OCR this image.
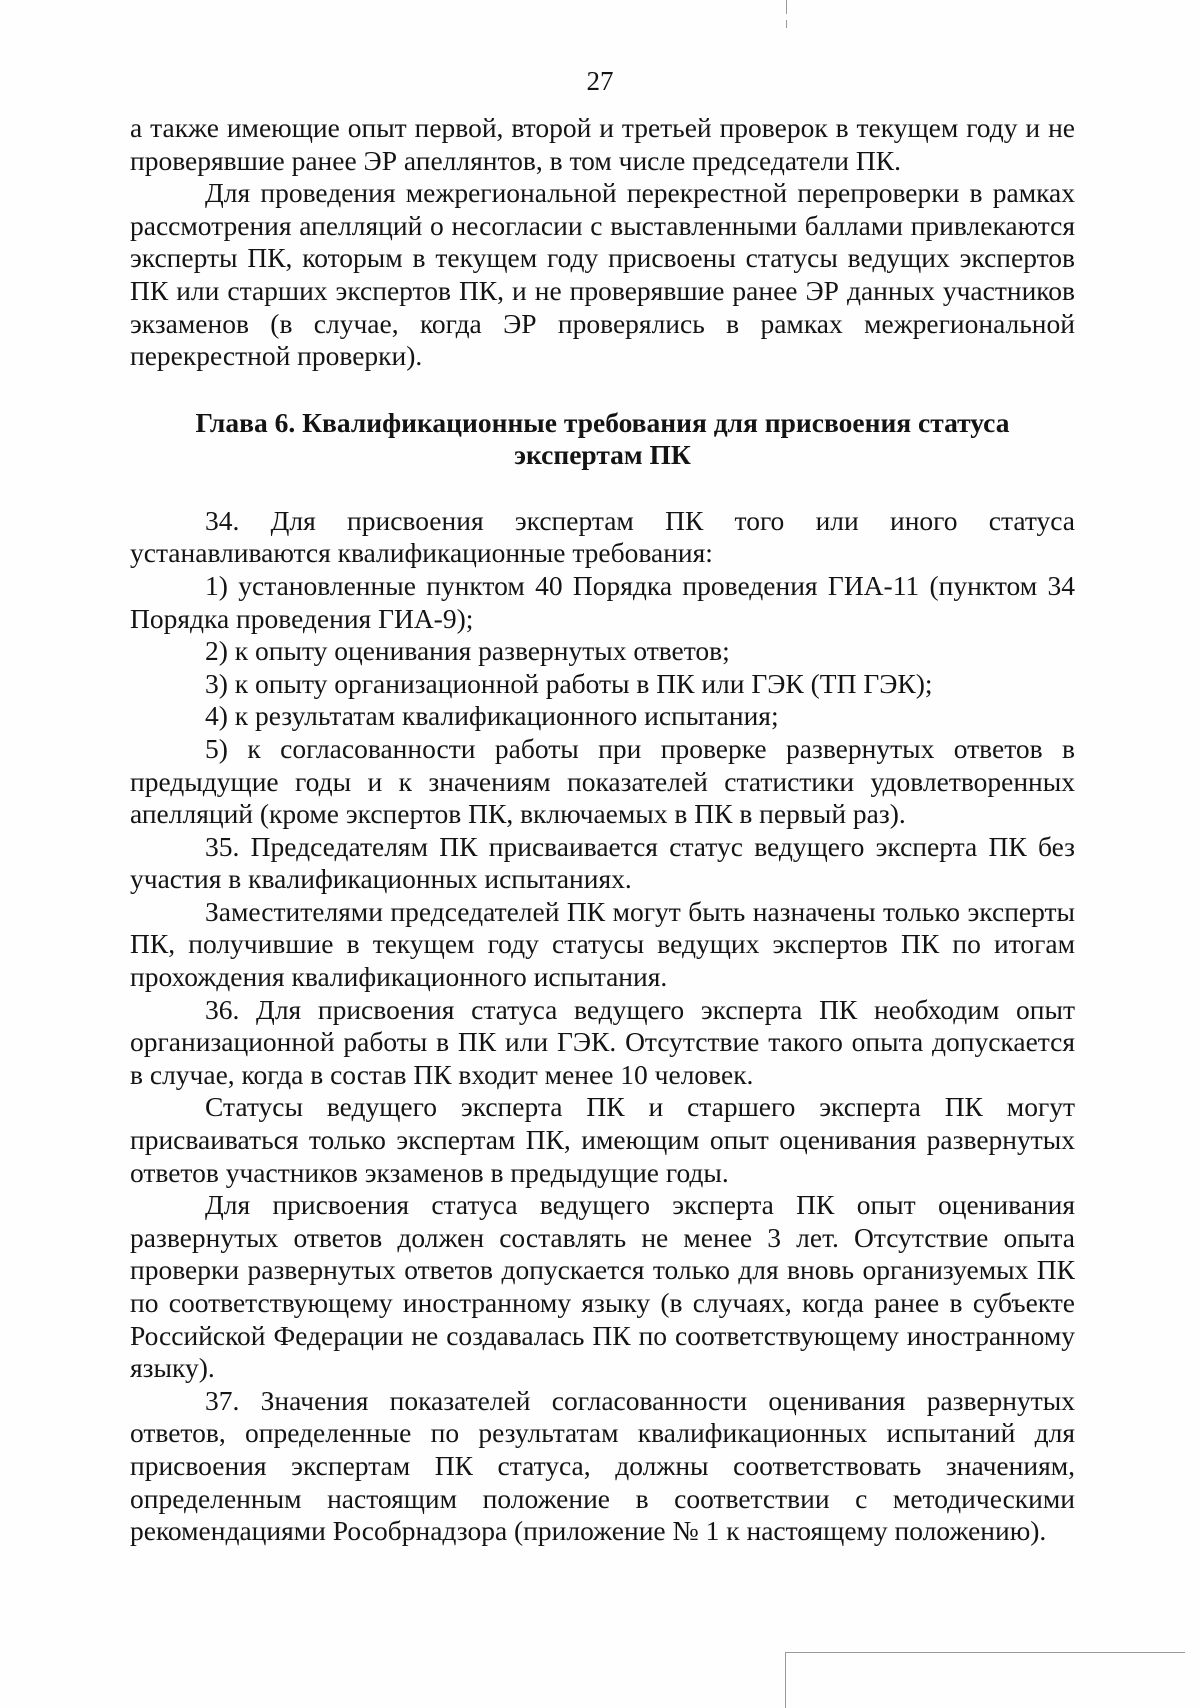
27

а также имеющие опыт первой, второй и третьей проверок в текущем году и не проверявшие ранее ЭР апеллянтов, в том числе председатели ПК.

Для проведения межрегиональной перекрестной перепроверки в рамках рассмотрения апелляций о несогласии с выставленными баллами привлекаются эксперты ПК, которым в текущем году присвоены статусы ведущих экспертов ПК или старших экспертов ПК, и не проверявшие ранее ЭР данных участников экзаменов (в случае, когда ЭР проверялись в рамках межрегиональной перекрестной проверки).

Глава 6. Квалификационные требования для присвоения статуса экспертам ПК

34. Для присвоения экспертам ПК того или иного статуса устанавливаются квалификационные требования:

1) установленные пунктом 40 Порядка проведения ГИА-11 (пунктом 34 Порядка проведения ГИА-9);

2) к опыту оценивания развернутых ответов;

3) к опыту организационной работы в ПК или ГЭК (ТП ГЭК);

4) к результатам квалификационного испытания;

5) к согласованности работы при проверке развернутых ответов в предыдущие годы и к значениям показателей статистики удовлетворенных апелляций (кроме экспертов ПК, включаемых в ПК в первый раз).

35. Председателям ПК присваивается статус ведущего эксперта ПК без участия в квалификационных испытаниях.

Заместителями председателей ПК могут быть назначены только эксперты ПК, получившие в текущем году статусы ведущих экспертов ПК по итогам прохождения квалификационного испытания.

36. Для присвоения статуса ведущего эксперта ПК необходим опыт организационной работы в ПК или ГЭК. Отсутствие такого опыта допускается в случае, когда в состав ПК входит менее 10 человек.

Статусы ведущего эксперта ПК и старшего эксперта ПК могут присваиваться только экспертам ПК, имеющим опыт оценивания развернутых ответов участников экзаменов в предыдущие годы.

Для присвоения статуса ведущего эксперта ПК опыт оценивания развернутых ответов должен составлять не менее 3 лет. Отсутствие опыта проверки развернутых ответов допускается только для вновь организуемых ПК по соответствующему иностранному языку (в случаях, когда ранее в субъекте Российской Федерации не создавалась ПК по соответствующему иностранному языку).

37. Значения показателей согласованности оценивания развернутых ответов, определенные по результатам квалификационных испытаний для присвоения экспертам ПК статуса, должны соответствовать значениям, определенным настоящим положение в соответствии с методическими рекомендациями Рособрнадзора (приложение № 1 к настоящему положению).
